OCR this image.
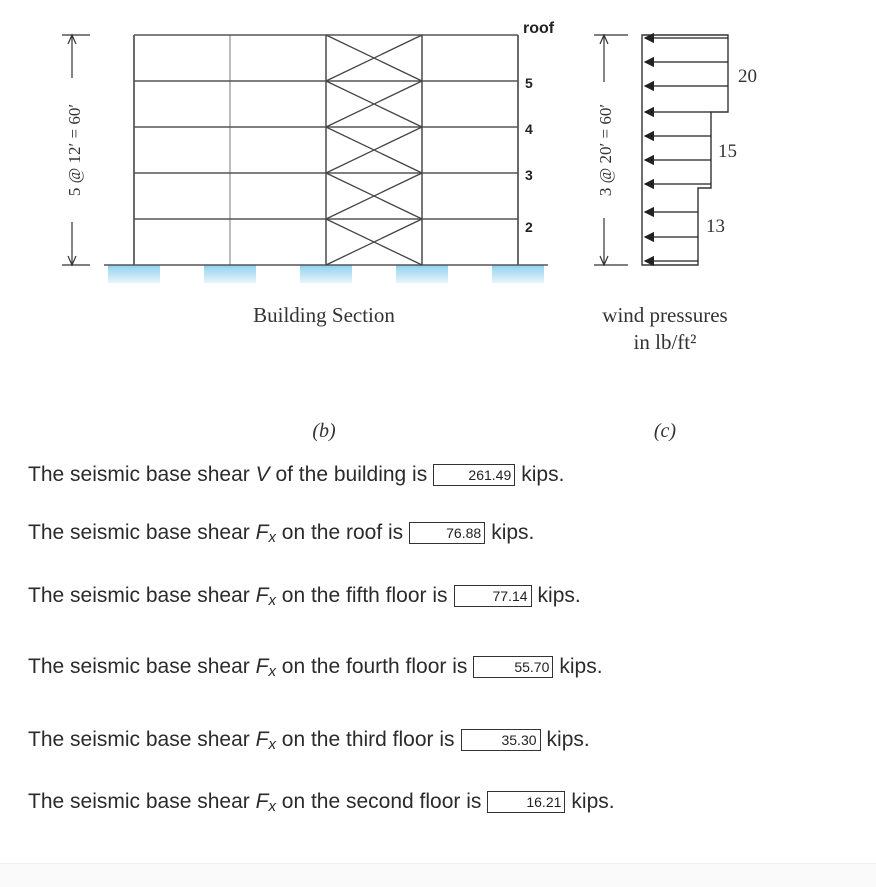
roof
5
4
3
2
5 @ 12′ = 60′	3 @ 20′ = 60′
20
15
13
Building Section	wind pressures
in lb/ft²
(b)	(c)
The seismic base shear V of the building is	261.49 kips.
The seismic base shear $F_x$ on the roof is	76.88 kips.
The seismic base shear $F_x$ on the fifth floor is	77.14 kips.
The seismic base shear $F_x$ on the fourth floor is	55.70 kips.
The seismic base shear $F_x$ on the third floor is	35.30 kips.
The seismic base shear $F_x$ on the second floor is	16.21 kips.
